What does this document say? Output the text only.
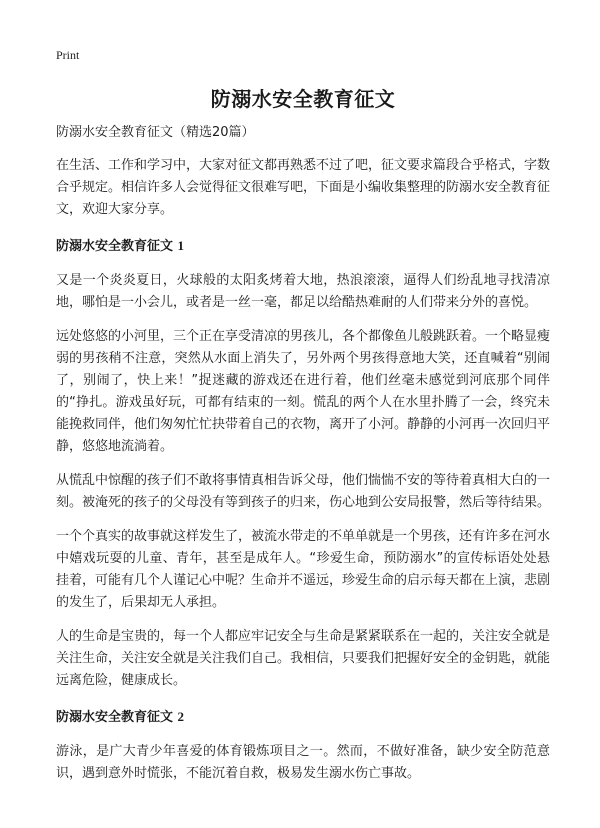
Print
防溺水安全教育征文
防溺水安全教育征文（精选20篇）

在生活、工作和学习中，大家对征文都再熟悉不过了吧，征文要求篇段合乎格式，字数合乎规定。相信许多人会觉得征文很难写吧，下面是小编收集整理的防溺水安全教育征文，欢迎大家分享。

防溺水安全教育征文 1

又是一个炎炎夏日，火球般的太阳炙烤着大地，热浪滚滚，逼得人们纷乱地寻找清凉地，哪怕是一小会儿，或者是一丝一毫，都足以给酷热难耐的人们带来分外的喜悦。

远处悠悠的小河里，三个正在享受清凉的男孩儿，各个都像鱼儿般跳跃着。一个略显瘦弱的男孩稍不注意，突然从水面上消失了，另外两个男孩得意地大笑，还直喊着“别闹了，别闹了，快上来！”捉迷藏的游戏还在进行着，他们丝毫未感觉到河底那个同伴的“挣扎。游戏虽好玩，可都有结束的一刻。慌乱的两个人在水里扑腾了一会，终究未能挽救同伴，他们匆匆忙忙抉带着自己的衣物，离开了小河。静静的小河再一次回归平静，悠悠地流淌着。

从慌乱中惊醒的孩子们不敢将事情真相告诉父母，他们惴惴不安的等待着真相大白的一刻。被淹死的孩子的父母没有等到孩子的归来，伤心地到公安局报警，然后等待结果。

一个个真实的故事就这样发生了，被流水带走的不单单就是一个男孩，还有许多在河水中嬉戏玩耍的儿童、青年，甚至是成年人。“珍爱生命，预防溺水”的宣传标语处处悬挂着，可能有几个人谨记心中呢？生命并不遥远，珍爱生命的启示每天都在上演，悲剧的发生了，后果却无人承担。

人的生命是宝贵的，每一个人都应牢记安全与生命是紧紧联系在一起的，关注安全就是关注生命，关注安全就是关注我们自己。我相信，只要我们把握好安全的金钥匙，就能远离危险，健康成长。

防溺水安全教育征文 2

游泳，是广大青少年喜爱的体育锻炼项目之一。然而，不做好准备，缺少安全防范意识，遇到意外时慌张，不能沉着自救，极易发生溺水伤亡事故。
